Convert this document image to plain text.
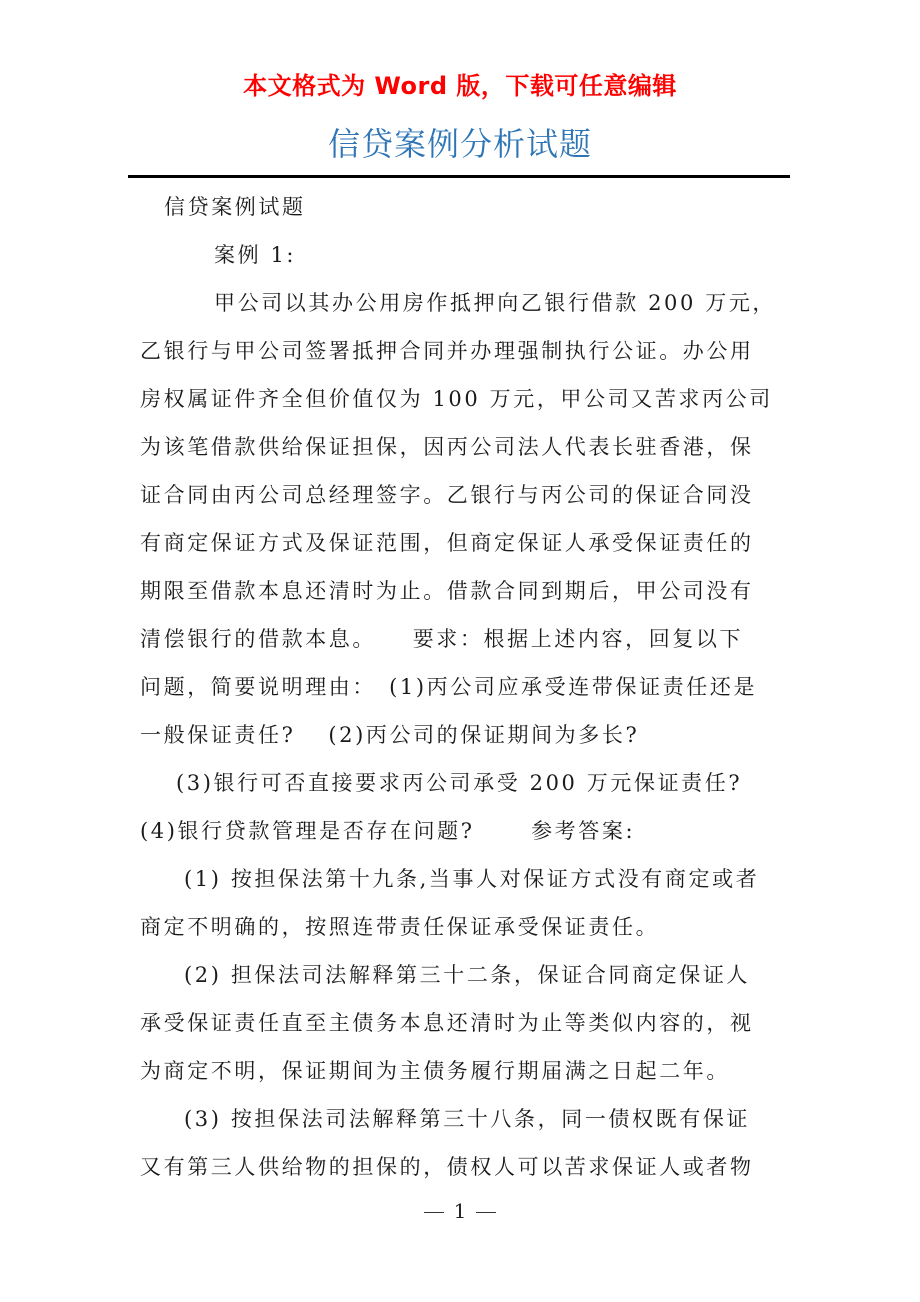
本文格式为 Word 版，下载可任意编辑
信贷案例分析试题
信贷案例试题
案例 1:
甲公司以其办公用房作抵押向乙银行借款 200 万元，
乙银行与甲公司签署抵押合同并办理强制执行公证。办公用
房权属证件齐全但价值仅为 100 万元，甲公司又苦求丙公司
为该笔借款供给保证担保，因丙公司法人代表长驻香港，保
证合同由丙公司总经理签字。乙银行与丙公司的保证合同没
有商定保证方式及保证范围，但商定保证人承受保证责任的
期限至借款本息还清时为止。借款合同到期后，甲公司没有
清偿银行的借款本息。　　要求：根据上述内容，回复以下
问题，简要说明理由：　(1)丙公司应承受连带保证责任还是
一般保证责任?　 (2)丙公司的保证期间为多长?
(3)银行可否直接要求丙公司承受 200 万元保证责任?
(4)银行贷款管理是否存在问题?　　 参考答案:
(1) 按担保法第十九条,当事人对保证方式没有商定或者
商定不明确的，按照连带责任保证承受保证责任。
(2) 担保法司法解释第三十二条，保证合同商定保证人
承受保证责任直至主债务本息还清时为止等类似内容的，视
为商定不明，保证期间为主债务履行期届满之日起二年。
(3) 按担保法司法解释第三十八条，同一债权既有保证
又有第三人供给物的担保的，债权人可以苦求保证人或者物
1
